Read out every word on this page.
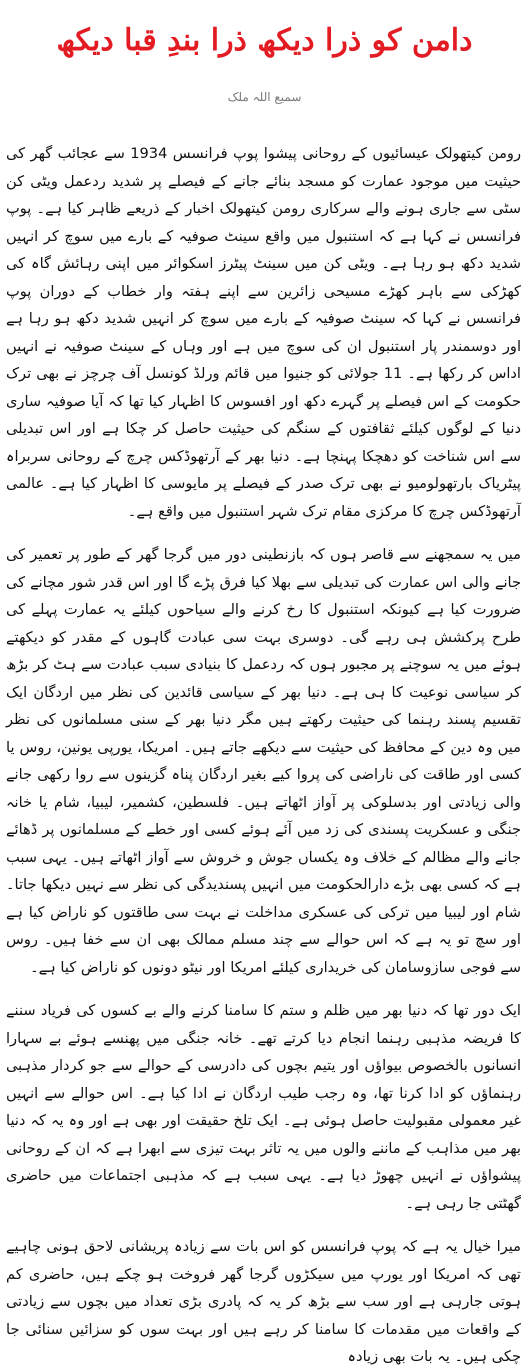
دامن کو ذرا دیکھ ذرا بندِ قبا دیکھ
سمیع اللہ ملک

رومن کیتھولک عیسائیوں کے روحانی پیشوا پوپ فرانسس 1934 سے عجائب گھر کی حیثیت میں موجود عمارت کو مسجد بنائے جانے کے فیصلے پر شدید ردعمل ویٹی کن سٹی سے جاری ہونے والے سرکاری رومن کیتھولک اخبار کے ذریعے ظاہر کیا ہے۔ پوپ فرانسس نے کہا ہے کہ استنبول میں واقع سینٹ صوفیہ کے بارے میں سوچ کر انہیں شدید دکھ ہو رہا ہے۔ ویٹی کن میں سینٹ پیٹرز اسکوائر میں اپنی رہائش گاہ کی کھڑکی سے باہر کھڑے مسیحی زائرین سے اپنے ہفتہ وار خطاب کے دوران پوپ فرانسس نے کہا کہ سینٹ صوفیہ کے بارے میں سوچ کر انہیں شدید دکھ ہو رہا ہے اور دوسمندر پار استنبول ان کی سوچ میں ہے اور وہاں کے سینٹ صوفیہ نے انہیں اداس کر رکھا ہے۔ 11 جولائی کو جنیوا میں قائم ورلڈ کونسل آف چرچز نے بھی ترک حکومت کے اس فیصلے پر گہرے دکھ اور افسوس کا اظہار کیا تھا کہ آیا صوفیہ ساری دنیا کے لوگوں کیلئے ثقافتوں کے سنگم کی حیثیت حاصل کر چکا ہے اور اس تبدیلی سے اس شناخت کو دھچکا پہنچا ہے۔ دنیا بھر کے آرتھوڈکس چرچ کے روحانی سربراہ پیٹریاک بارتھولومیو نے بھی ترک صدر کے فیصلے پر مایوسی کا اظہار کیا ہے۔ عالمی آرتھوڈکس چرچ کا مرکزی مقام ترک شہر استنبول میں واقع ہے۔

میں یہ سمجھنے سے قاصر ہوں کہ بازنطینی دور میں گرجا گھر کے طور پر تعمیر کی جانے والی اس عمارت کی تبدیلی سے بھلا کیا فرق پڑے گا اور اس قدر شور مچانے کی ضرورت کیا ہے کیونکہ استنبول کا رخ کرنے والے سیاحوں کیلئے یہ عمارت پہلے کی طرح پرکشش ہی رہے گی۔ دوسری بہت سی عبادت گاہوں کے مقدر کو دیکھتے ہوئے میں یہ سوچنے پر مجبور ہوں کہ ردعمل کا بنیادی سبب عبادت سے ہٹ کر بڑھ کر سیاسی نوعیت کا ہی ہے۔ دنیا بھر کے سیاسی قائدین کی نظر میں اردگان ایک تقسیم پسند رہنما کی حیثیت رکھتے ہیں مگر دنیا بھر کے سنی مسلمانوں کی نظر میں وہ دین کے محافظ کی حیثیت سے دیکھے جاتے ہیں۔ امریکا، یورپی یونین، روس یا کسی اور طاقت کی ناراضی کی پروا کیے بغیر اردگان پناہ گزینوں سے روا رکھی جانے والی زیادتی اور بدسلوکی پر آواز اٹھاتے ہیں۔ فلسطین، کشمیر، لیبیا، شام یا خانہ جنگی و عسکریت پسندی کی زد میں آئے ہوئے کسی اور خطے کے مسلمانوں پر ڈھائے جانے والے مظالم کے خلاف وہ یکساں جوش و خروش سے آواز اٹھاتے ہیں۔ یہی سبب ہے کہ کسی بھی بڑے دارالحکومت میں انہیں پسندیدگی کی نظر سے نہیں دیکھا جاتا۔ شام اور لیبیا میں ترکی کی عسکری مداخلت نے بہت سی طاقتوں کو ناراض کیا ہے اور سچ تو یہ ہے کہ اس حوالے سے چند مسلم ممالک بھی ان سے خفا ہیں۔ روس سے فوجی سازوسامان کی خریداری کیلئے امریکا اور نیٹو دونوں کو ناراض کیا ہے۔

ایک دور تھا کہ دنیا بھر میں ظلم و ستم کا سامنا کرنے والے بے کسوں کی فریاد سننے کا فریضہ مذہبی رہنما انجام دیا کرتے تھے۔ خانہ جنگی میں پھنسے ہوئے بے سہارا انسانوں بالخصوص بیواؤں اور یتیم بچوں کی دادرسی کے حوالے سے جو کردار مذہبی رہنماؤں کو ادا کرنا تھا، وہ رجب طیب اردگان نے ادا کیا ہے۔ اس حوالے سے انہیں غیر معمولی مقبولیت حاصل ہوئی ہے۔ ایک تلخ حقیقت اور بھی ہے اور وہ یہ کہ دنیا بھر میں مذاہب کے ماننے والوں میں یہ تاثر بہت تیزی سے ابھرا ہے کہ ان کے روحانی پیشواؤں نے انہیں چھوڑ دیا ہے۔ یہی سبب ہے کہ مذہبی اجتماعات میں حاضری گھٹتی جا رہی ہے۔

میرا خیال یہ ہے کہ پوپ فرانسس کو اس بات سے زیادہ پریشانی لاحق ہونی چاہیے تھی کہ امریکا اور یورپ میں سیکڑوں گرجا گھر فروخت ہو چکے ہیں، حاضری کم ہوتی جارہی ہے اور سب سے بڑھ کر یہ کہ پادری بڑی تعداد میں بچوں سے زیادتی کے واقعات میں مقدمات کا سامنا کر رہے ہیں اور بہت سوں کو سزائیں سنائی جا چکی ہیں۔ یہ بات بھی زیادہ
